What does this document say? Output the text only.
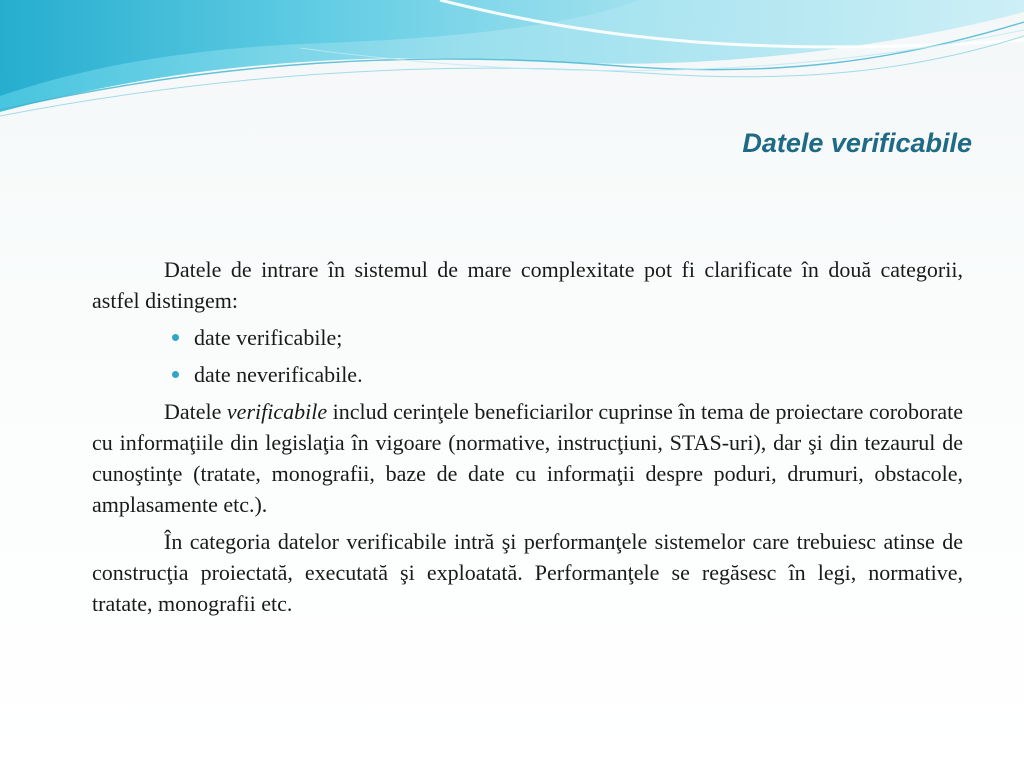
Datele verificabile

Datele de intrare în sistemul de mare complexitate pot fi clarificate în două categorii, astfel distingem:

date verificabile;
date neverificabile.

Datele verificabile includ cerinţele beneficiarilor cuprinse în tema de proiectare coroborate cu informaţiile din legislaţia în vigoare (normative, instrucţiuni, STAS-uri), dar şi din tezaurul de cunoştinţe (tratate, monografii, baze de date cu informaţii despre poduri, drumuri, obstacole, amplasamente etc.).

În categoria datelor verificabile intră şi performanţele sistemelor care trebuiesc atinse de construcţia proiectată, executată şi exploatată. Performanţele se regăsesc în legi, normative, tratate, monografii etc.
